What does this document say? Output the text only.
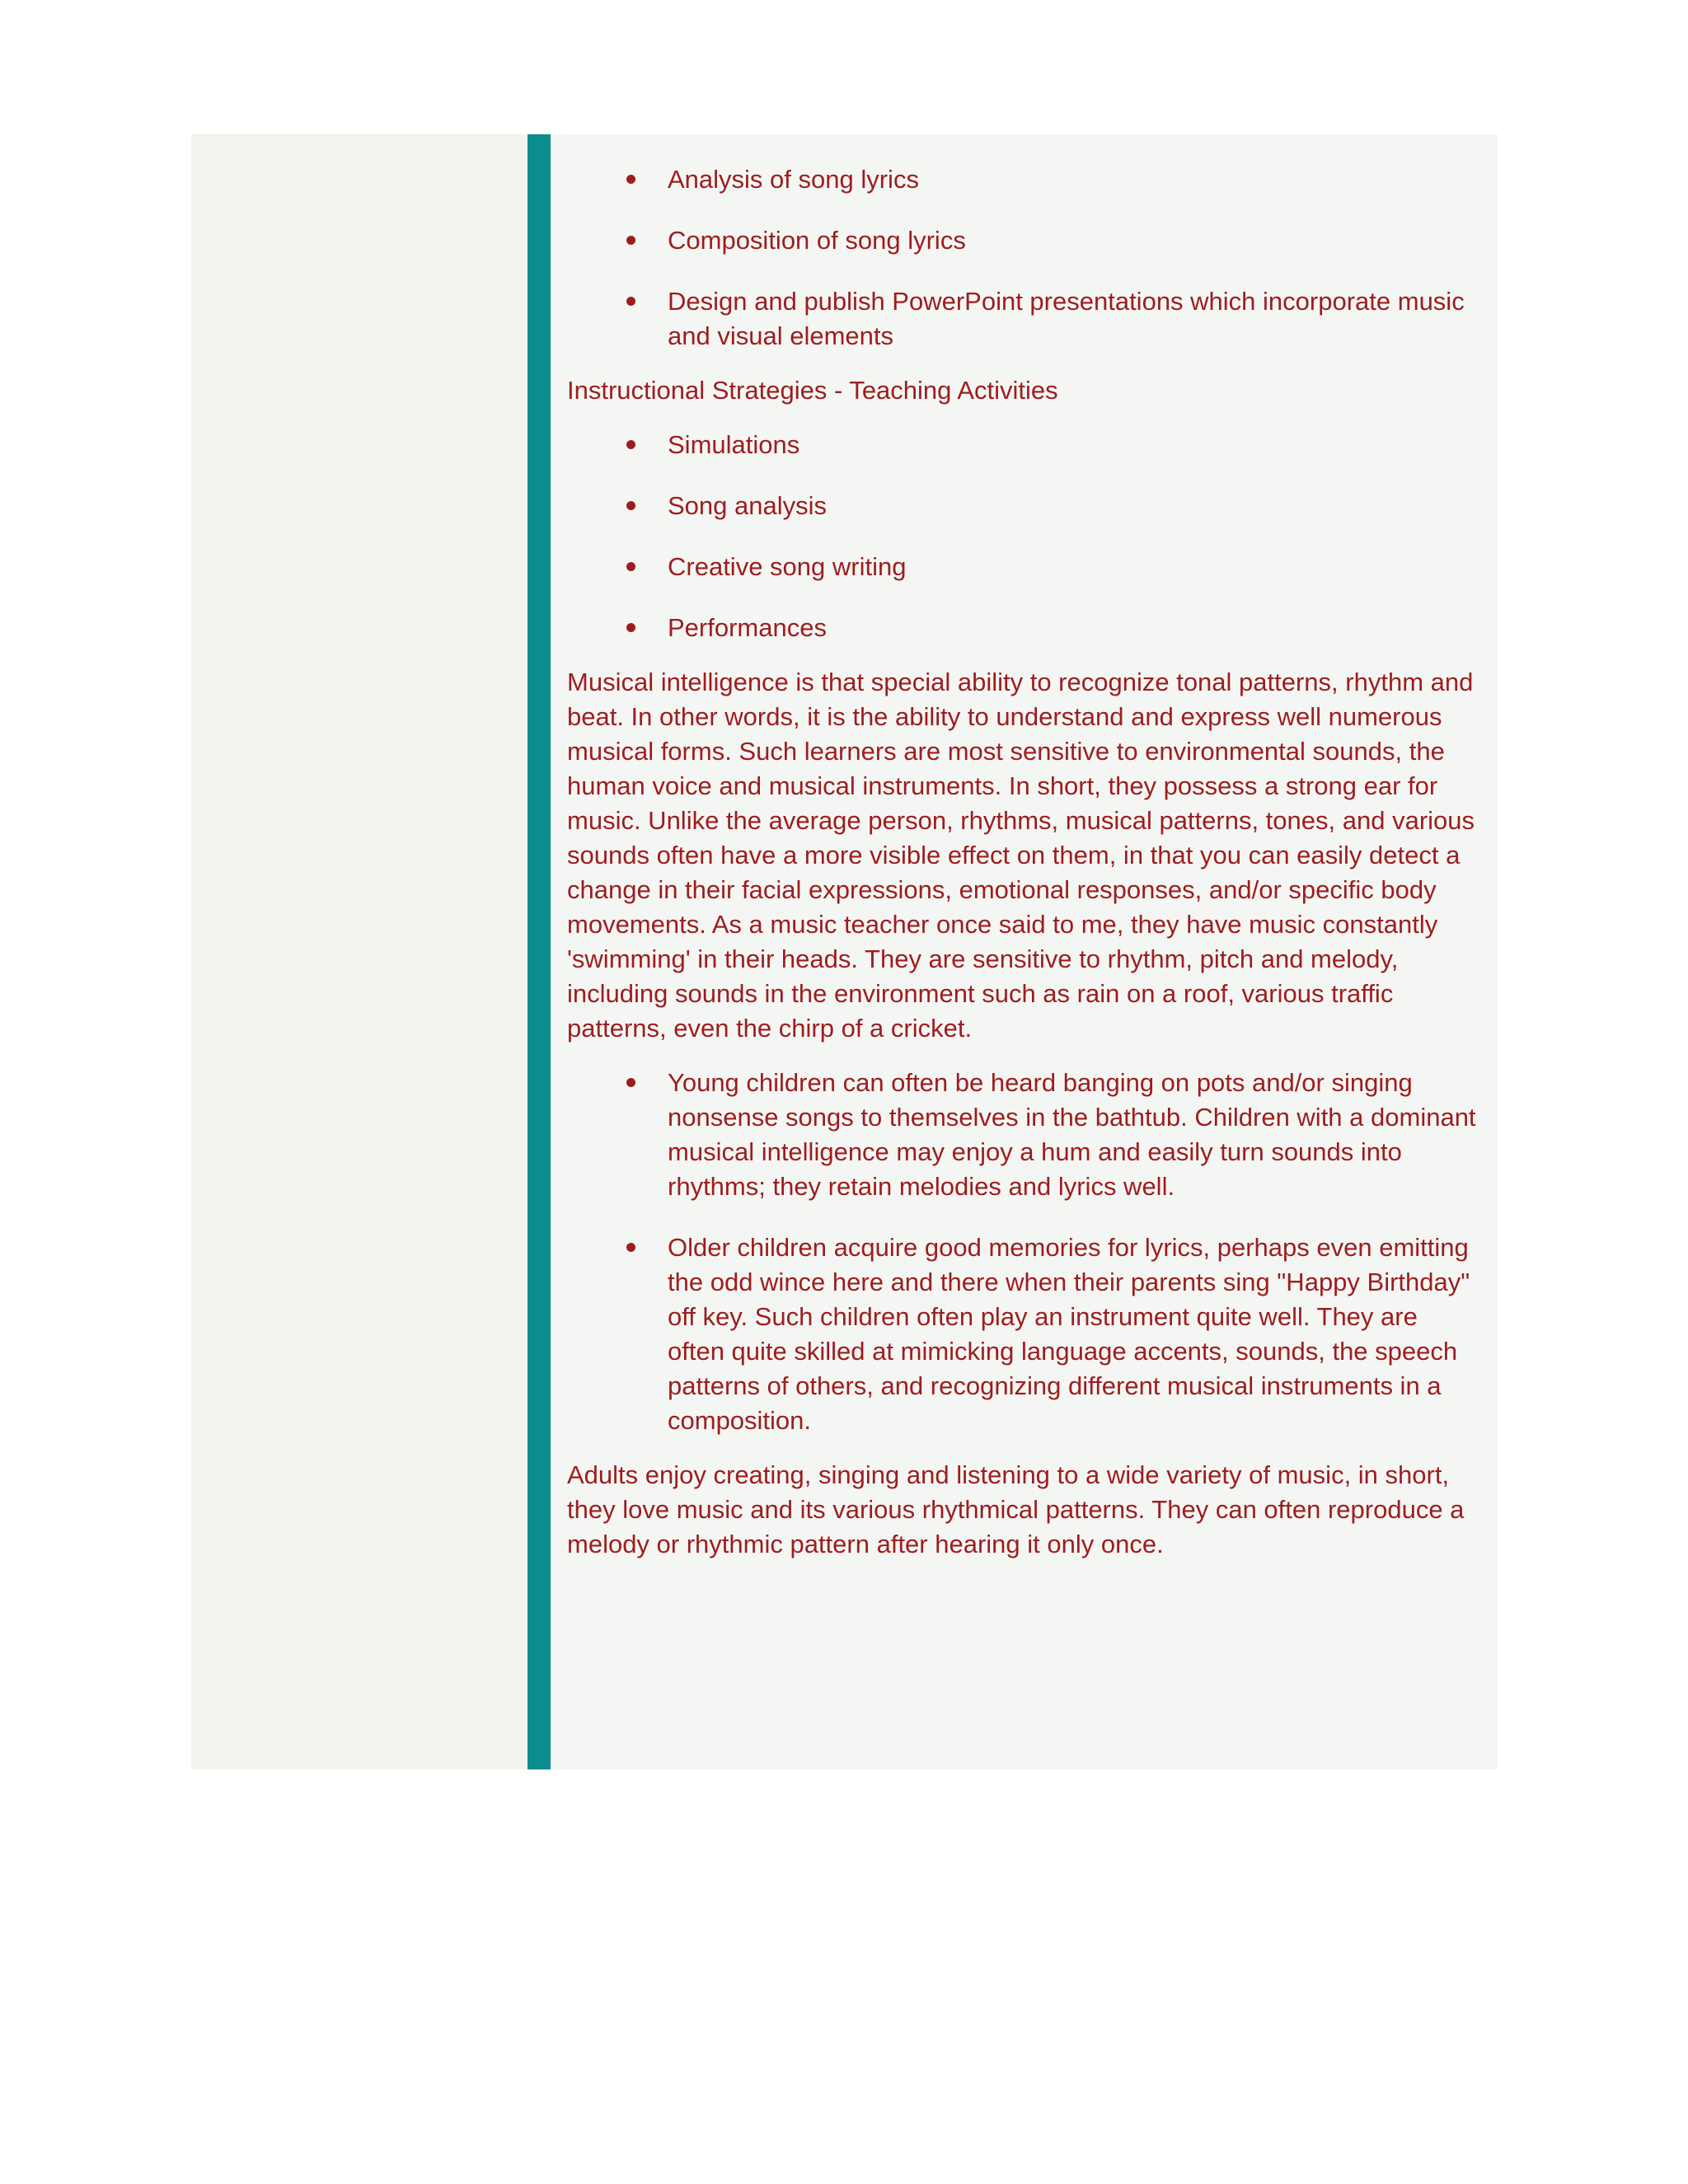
Analysis of song lyrics
Composition of song lyrics
Design and publish PowerPoint presentations which incorporate music and visual elements

Instructional Strategies - Teaching Activities

Simulations
Song analysis
Creative song writing
Performances

Musical intelligence is that special ability to recognize tonal patterns, rhythm and beat. In other words, it is the ability to understand and express well numerous musical forms. Such learners are most sensitive to environmental sounds, the human voice and musical instruments. In short, they possess a strong ear for music. Unlike the average person, rhythms, musical patterns, tones, and various sounds often have a more visible effect on them, in that you can easily detect a change in their facial expressions, emotional responses, and/or specific body movements. As a music teacher once said to me, they have music constantly 'swimming' in their heads. They are sensitive to rhythm, pitch and melody, including sounds in the environment such as rain on a roof, various traffic patterns, even the chirp of a cricket.

Young children can often be heard banging on pots and/or singing nonsense songs to themselves in the bathtub. Children with a dominant musical intelligence may enjoy a hum and easily turn sounds into rhythms; they retain melodies and lyrics well.
Older children acquire good memories for lyrics, perhaps even emitting the odd wince here and there when their parents sing "Happy Birthday" off key. Such children often play an instrument quite well. They are often quite skilled at mimicking language accents, sounds, the speech patterns of others, and recognizing different musical instruments in a composition.

Adults enjoy creating, singing and listening to a wide variety of music, in short, they love music and its various rhythmical patterns. They can often reproduce a melody or rhythmic pattern after hearing it only once.
